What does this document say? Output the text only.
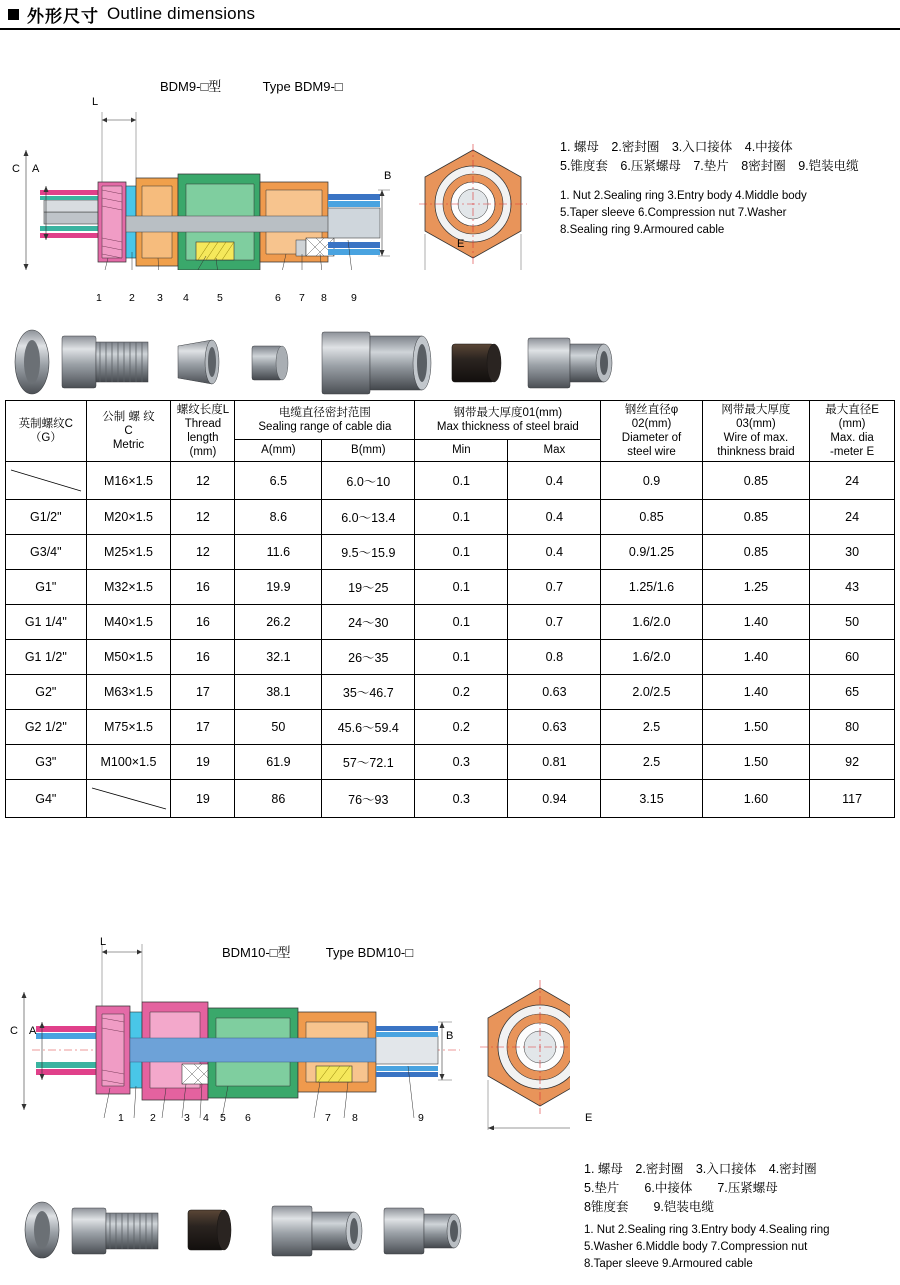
外形尺寸 Outline dimensions
BDM9-□型	Type BDM9-□
L
C A
B
E
1	2 3 4	5	6 7 8 9
1. 螺母　2.密封圈　3.入口接体　4.中接体
5.锥度套　6.压紧螺母　7.垫片　8密封圈　9.铠装电缆
1. Nut 2.Sealing ring 3.Entry body 4.Middle body
5.Taper sleeve 6.Compression nut 7.Washer
8.Sealing ring 9.Armoured cable
英制螺纹C
（G）	公制 螺 纹
C
Metric	螺纹长度L
Thread
length
(mm)	电缆直径密封范围
Sealing range of cable dia		钢带最大厚度01(mm)
Max thickness of steel braid		钢丝直径φ
02(mm)
Diameter of
steel wire	网带最大厚度
03(mm)
Wire of max.
thinkness braid	最大直径E
(mm)
Max. dia
-meter E

			A(mm)	B(mm)	Min	Max			

	M16×1.5	12	6.5	6.0～10	0.1	0.4	0.9	0.85	24
G1/2"	M20×1.5	12	8.6	6.0～13.4	0.1	0.4	0.85	0.85	24
G3/4"	M25×1.5	12	11.6	9.5～15.9	0.1	0.4	0.9/1.25	0.85	30
G1"	M32×1.5	16	19.9	19～25	0.1	0.7	1.25/1.6	1.25	43
G1 1/4"	M40×1.5	16	26.2	24～30	0.1	0.7	1.6/2.0	1.40	50
G1 1/2"	M50×1.5	16	32.1	26～35	0.1	0.8	1.6/2.0	1.40	60
G2"	M63×1.5	17	38.1	35～46.7	0.2	0.63	2.0/2.5	1.40	65
G2 1/2"	M75×1.5	17	50	45.6～59.4	0.2	0.63	2.5	1.50	80
G3"	M100×1.5	19	61.9	57～72.1	0.3	0.81	2.5	1.50	92
G4"		19	86	76～93	0.3	0.94	3.15	1.60	117
BDM10-□型	Type BDM10-□
L
C A	B
E
1 2	3 4 5 6	7 8	9
1. 螺母　2.密封圈　3.入口接体　4.密封圈
5.垫片　　6.中接体　　7.压紧螺母
8锥度套　　9.铠装电缆
1. Nut 2.Sealing ring 3.Entry body 4.Sealing ring
5.Washer 6.Middle body 7.Compression nut
8.Taper sleeve 9.Armoured cable
